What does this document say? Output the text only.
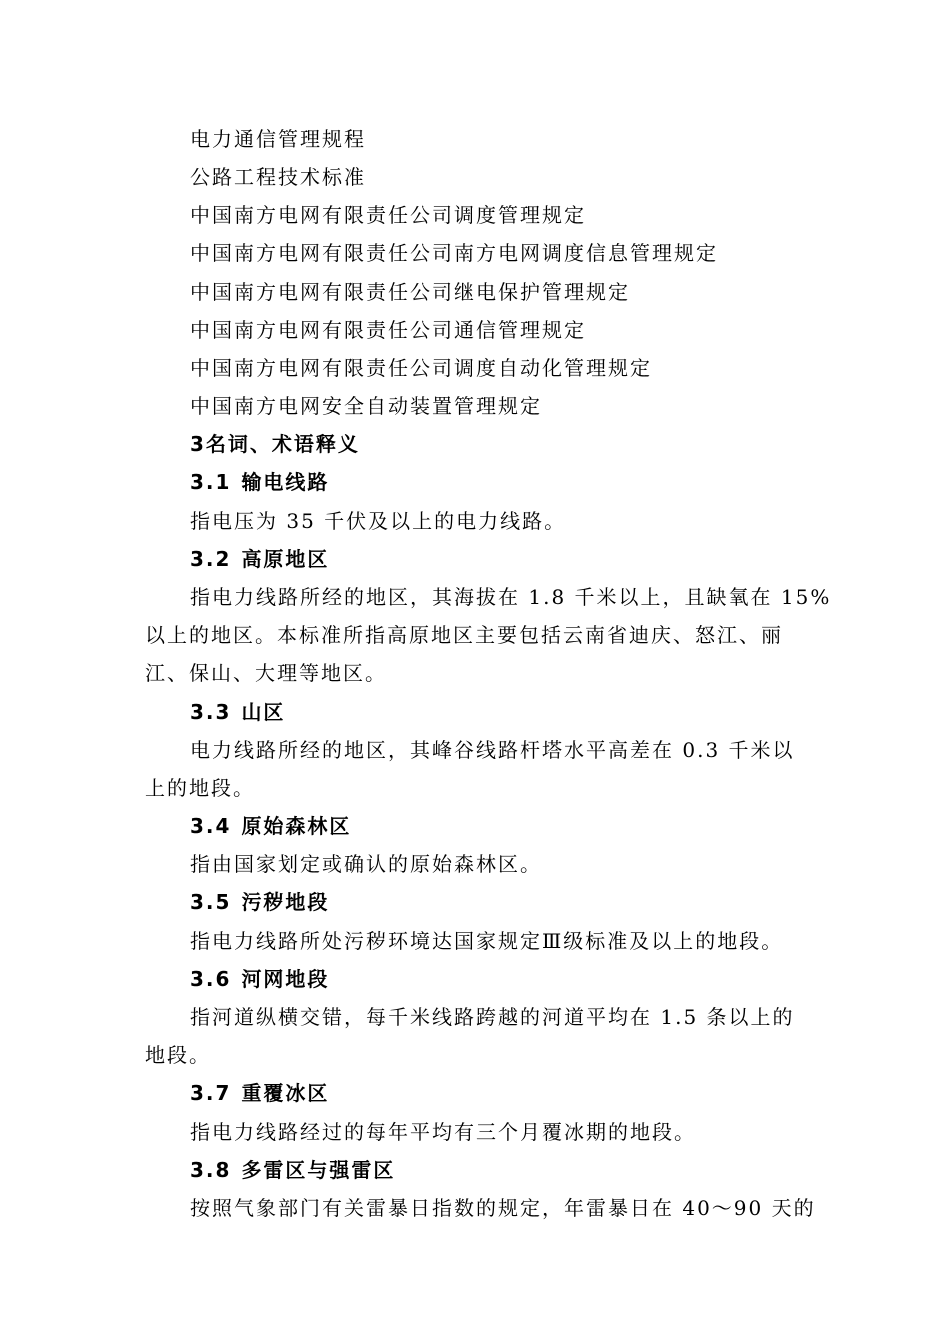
电力通信管理规程
公路工程技术标准
中国南方电网有限责任公司调度管理规定
中国南方电网有限责任公司南方电网调度信息管理规定
中国南方电网有限责任公司继电保护管理规定
中国南方电网有限责任公司通信管理规定
中国南方电网有限责任公司调度自动化管理规定
中国南方电网安全自动装置管理规定
3名词、术语释义
3.1 输电线路
指电压为 35 千伏及以上的电力线路。
3.2 高原地区
指电力线路所经的地区，其海拔在 1.8 千米以上，且缺氧在 15%
以上的地区。本标准所指高原地区主要包括云南省迪庆、怒江、丽
江、保山、大理等地区。
3.3 山区
电力线路所经的地区，其峰谷线路杆塔水平高差在 0.3 千米以
上的地段。
3.4 原始森林区
指由国家划定或确认的原始森林区。
3.5 污秽地段
指电力线路所处污秽环境达国家规定Ⅲ级标准及以上的地段。
3.6 河网地段
指河道纵横交错，每千米线路跨越的河道平均在 1.5 条以上的
地段。
3.7 重覆冰区
指电力线路经过的每年平均有三个月覆冰期的地段。
3.8 多雷区与强雷区
按照气象部门有关雷暴日指数的规定，年雷暴日在 40～90 天的
